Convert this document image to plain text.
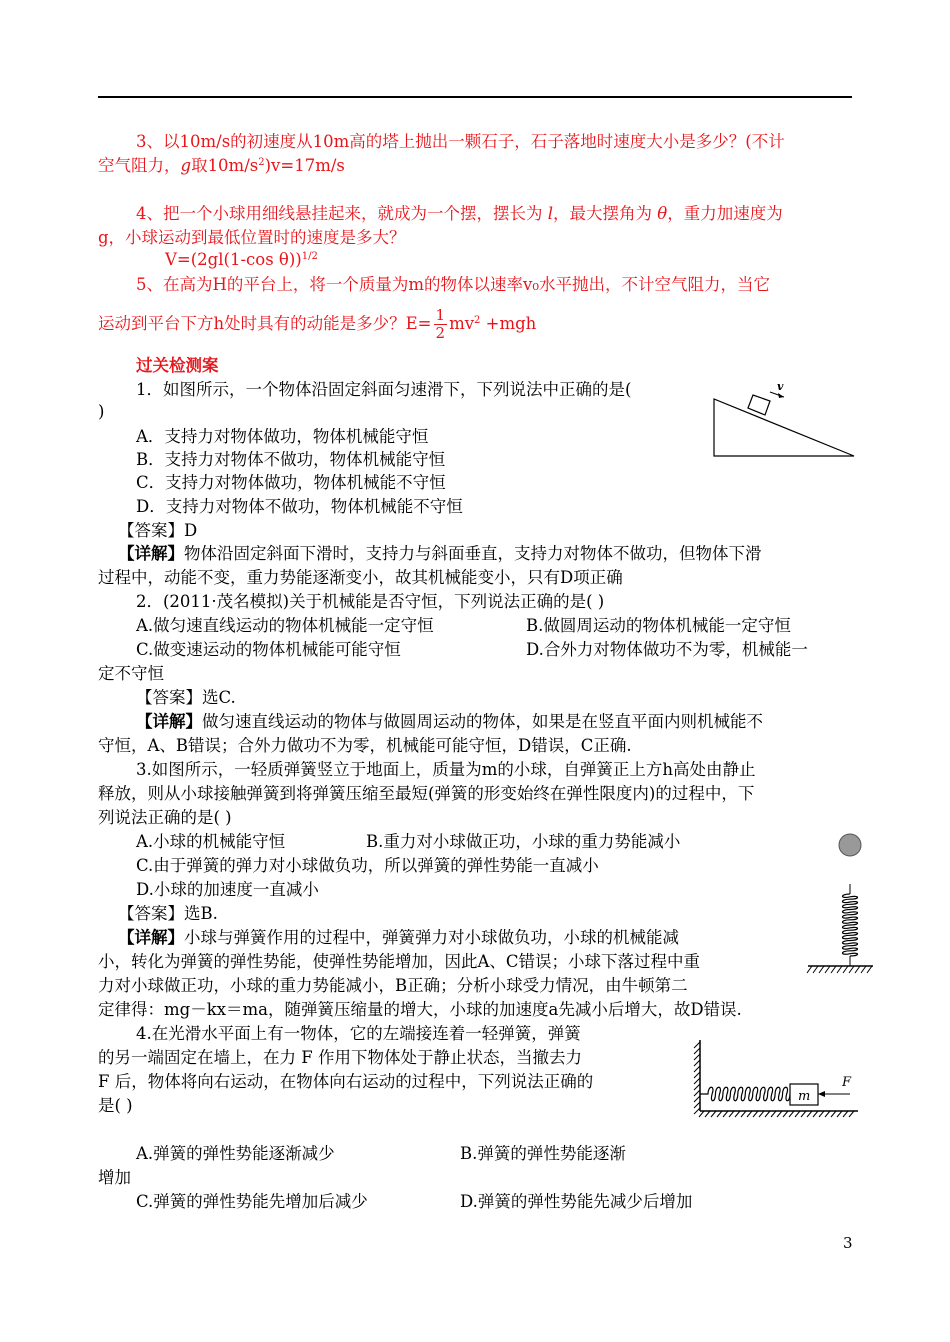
3、以10m/s的初速度从10m高的塔上抛出一颗石子，石子落地时速度大小是多少？(不计
空气阻力，g取$10m/s^2)v=17m/s$
4、把一个小球用细线悬挂起来，就成为一个摆，摆长为 l，最大摆角为 θ，重力加速度为
g，小球运动到最低位置时的速度是多大？
V=(2gl(1-cos θ))$^{1/2}$
5、在高为H的平台上，将一个质量为m的物体以速率v₀水平抛出，不计空气阻力，当它
运动到平台下方h处时具有的动能是多少？$E= \frac{1}{2} mv^2 +mgh$
过关检测案
1．如图所示，一个物体沿固定斜面匀速滑下，下列说法中正确的是(
)
v
A．支持力对物体做功，物体机械能守恒
B．支持力对物体不做功，物体机械能守恒
C．支持力对物体做功，物体机械能不守恒
D．支持力对物体不做功，物体机械能不守恒
【答案】D
【详解】物体沿固定斜面下滑时，支持力与斜面垂直，支持力对物体不做功，但物体下滑
过程中，动能不变，重力势能逐渐变小，故其机械能变小，只有D项正确
2．(2011·茂名模拟)关于机械能是否守恒，下列说法正确的是( )
A.做匀速直线运动的物体机械能一定守恒	B.做圆周运动的物体机械能一定守恒
C.做变速运动的物体机械能可能守恒	D.合外力对物体做功不为零，机械能一
定不守恒
【答案】选C.
【详解】做匀速直线运动的物体与做圆周运动的物体，如果是在竖直平面内则机械能不
守恒，A、B错误；合外力做功不为零，机械能可能守恒，D错误，C正确.
3.如图所示，一轻质弹簧竖立于地面上，质量为m的小球，自弹簧正上方h高处由静止
释放，则从小球接触弹簧到将弹簧压缩至最短(弹簧的形变始终在弹性限度内)的过程中，下
列说法正确的是( )
A.小球的机械能守恒	B.重力对小球做正功，小球的重力势能减小
C.由于弹簧的弹力对小球做负功，所以弹簧的弹性势能一直减小
D.小球的加速度一直减小
【答案】选B.
【详解】小球与弹簧作用的过程中，弹簧弹力对小球做负功，小球的机械能减
小，转化为弹簧的弹性势能，使弹性势能增加，因此A、C错误；小球下落过程中重
力对小球做正功，小球的重力势能减小，B正确；分析小球受力情况，由牛顿第二
定律得：mg－kx＝ma，随弹簧压缩量的增大，小球的加速度a先减小后增大，故D错误.
4.在光滑水平面上有一物体，它的左端接连着一轻弹簧，弹簧
的另一端固定在墙上，在力 F 作用下物体处于静止状态，当撤去力
F 后，物体将向右运动，在物体向右运动的过程中，下列说法正确的
是( )	m
F
A.弹簧的弹性势能逐渐减少	B.弹簧的弹性势能逐渐
增加
C.弹簧的弹性势能先增加后减少	D.弹簧的弹性势能先减少后增加
3
